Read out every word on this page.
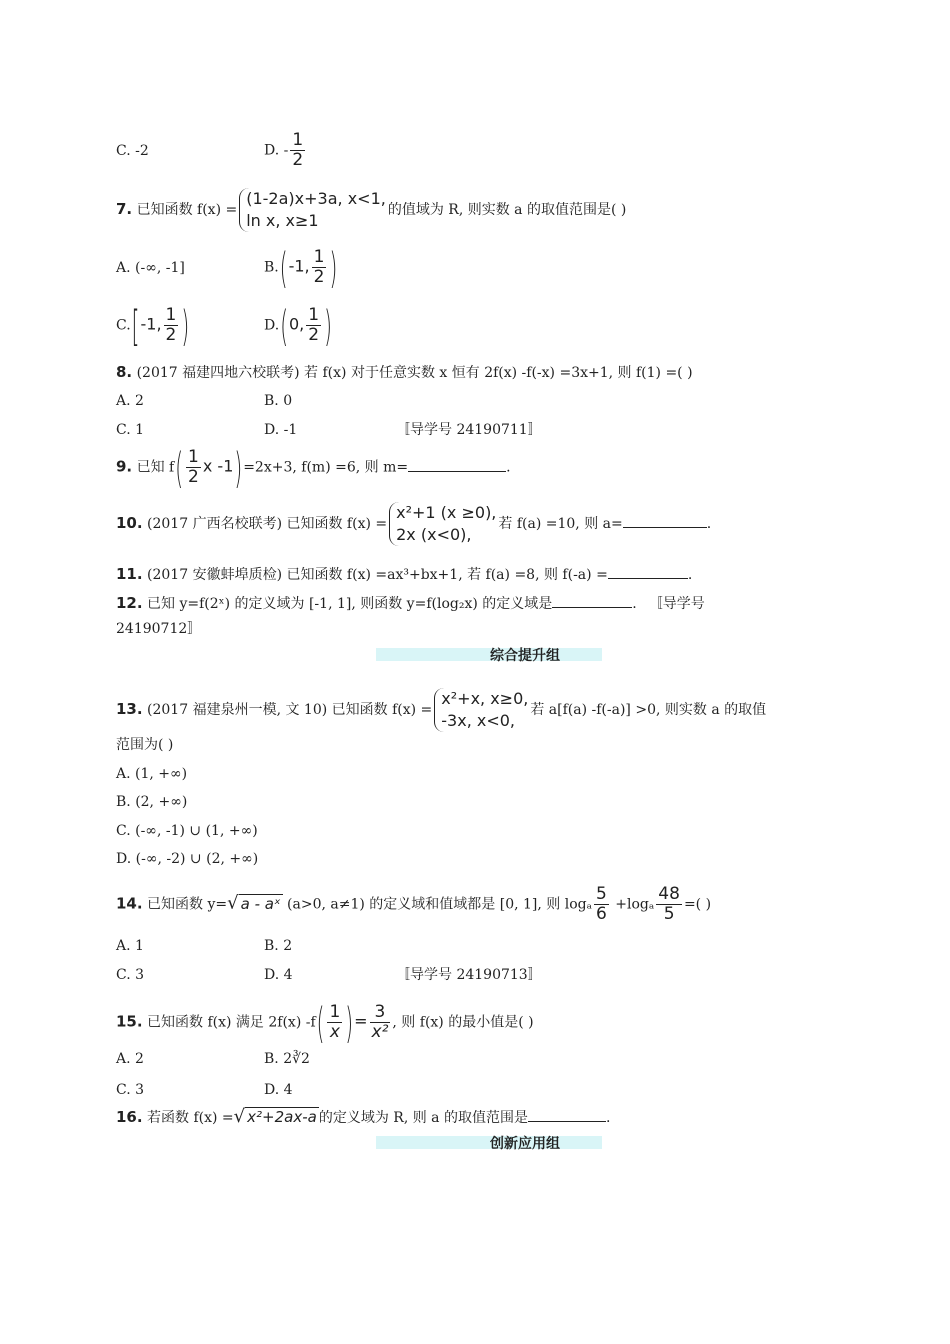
C. -2	D. - $\frac{1}{2}$
7. 已知函数 f(x) =
(1-2a)x+3a, x<1,
ln x, x≥1
的值域为 R, 则实数 a 的取值范围是( )
A. (-∞, -1]	B.(-1, $\frac{1}{2}$ )
C.[-1, $\frac{1}{2}$ )	D.(0, $\frac{1}{2}$ )
8. (2017 福建四地六校联考) 若 f(x) 对于任意实数 x 恒有 2f(x) -f(-x) =3x+1, 则 f(1) =( )
A. 2	B. 0
C. 1	D. -1	〚导学号 24190711〛
9. 已知 $f( \frac{1}{2}$ x -1)=2x+3, f(m) =6, 则 m=	.
10. (2017 广西名校联考) 已知函数 f(x) =
x²+1 (x ≥0),
2x (x<0),
若 f(a) =10, 则 a=	.
11. (2017 安徽蚌埠质检) 已知函数 f(x) =ax³+bx+1, 若 f(a) =8, 则 f(-a) =	.
12. 已知 y=f(2ˣ) 的定义域为 [-1, 1], 则函数 y=f(log₂x) 的定义域是	. 〚导学号
24190712〛
综合提升组
13. (2017 福建泉州一模, 文 10) 已知函数 f(x) =
x²+x, x≥0,
-3x, x<0,
若 a[f(a) -f(-a)] >0, 则实数 a 的取值
范围为( )
A. (1, +∞)
B. (2, +∞)
C. (-∞, -1) ∪ (1, +∞)
D. (-∞, -2) ∪ (2, +∞)
14. 已知函数 y=√ a - aˣ (a>0, a≠1) 的定义域和值域都是 [0, 1], 则 logₐ $\frac{5}{6} +\log_a \frac{48}{5}$ =( )
A. 1	B. 2
C. 3	D. 4	〚导学号 24190713〛
15. 已知函数 f(x) 满足 2f(x) $-f( \frac{1}{x}$ )= $\frac{3}{\text{x²}}$ , 则 f(x) 的最小值是( )
A. 2	B. 2∛2
C. 3	D. 4
16. 若函数 f(x) =√ x²+2ax-a 的定义域为 R, 则 a 的取值范围是	.
创新应用组
